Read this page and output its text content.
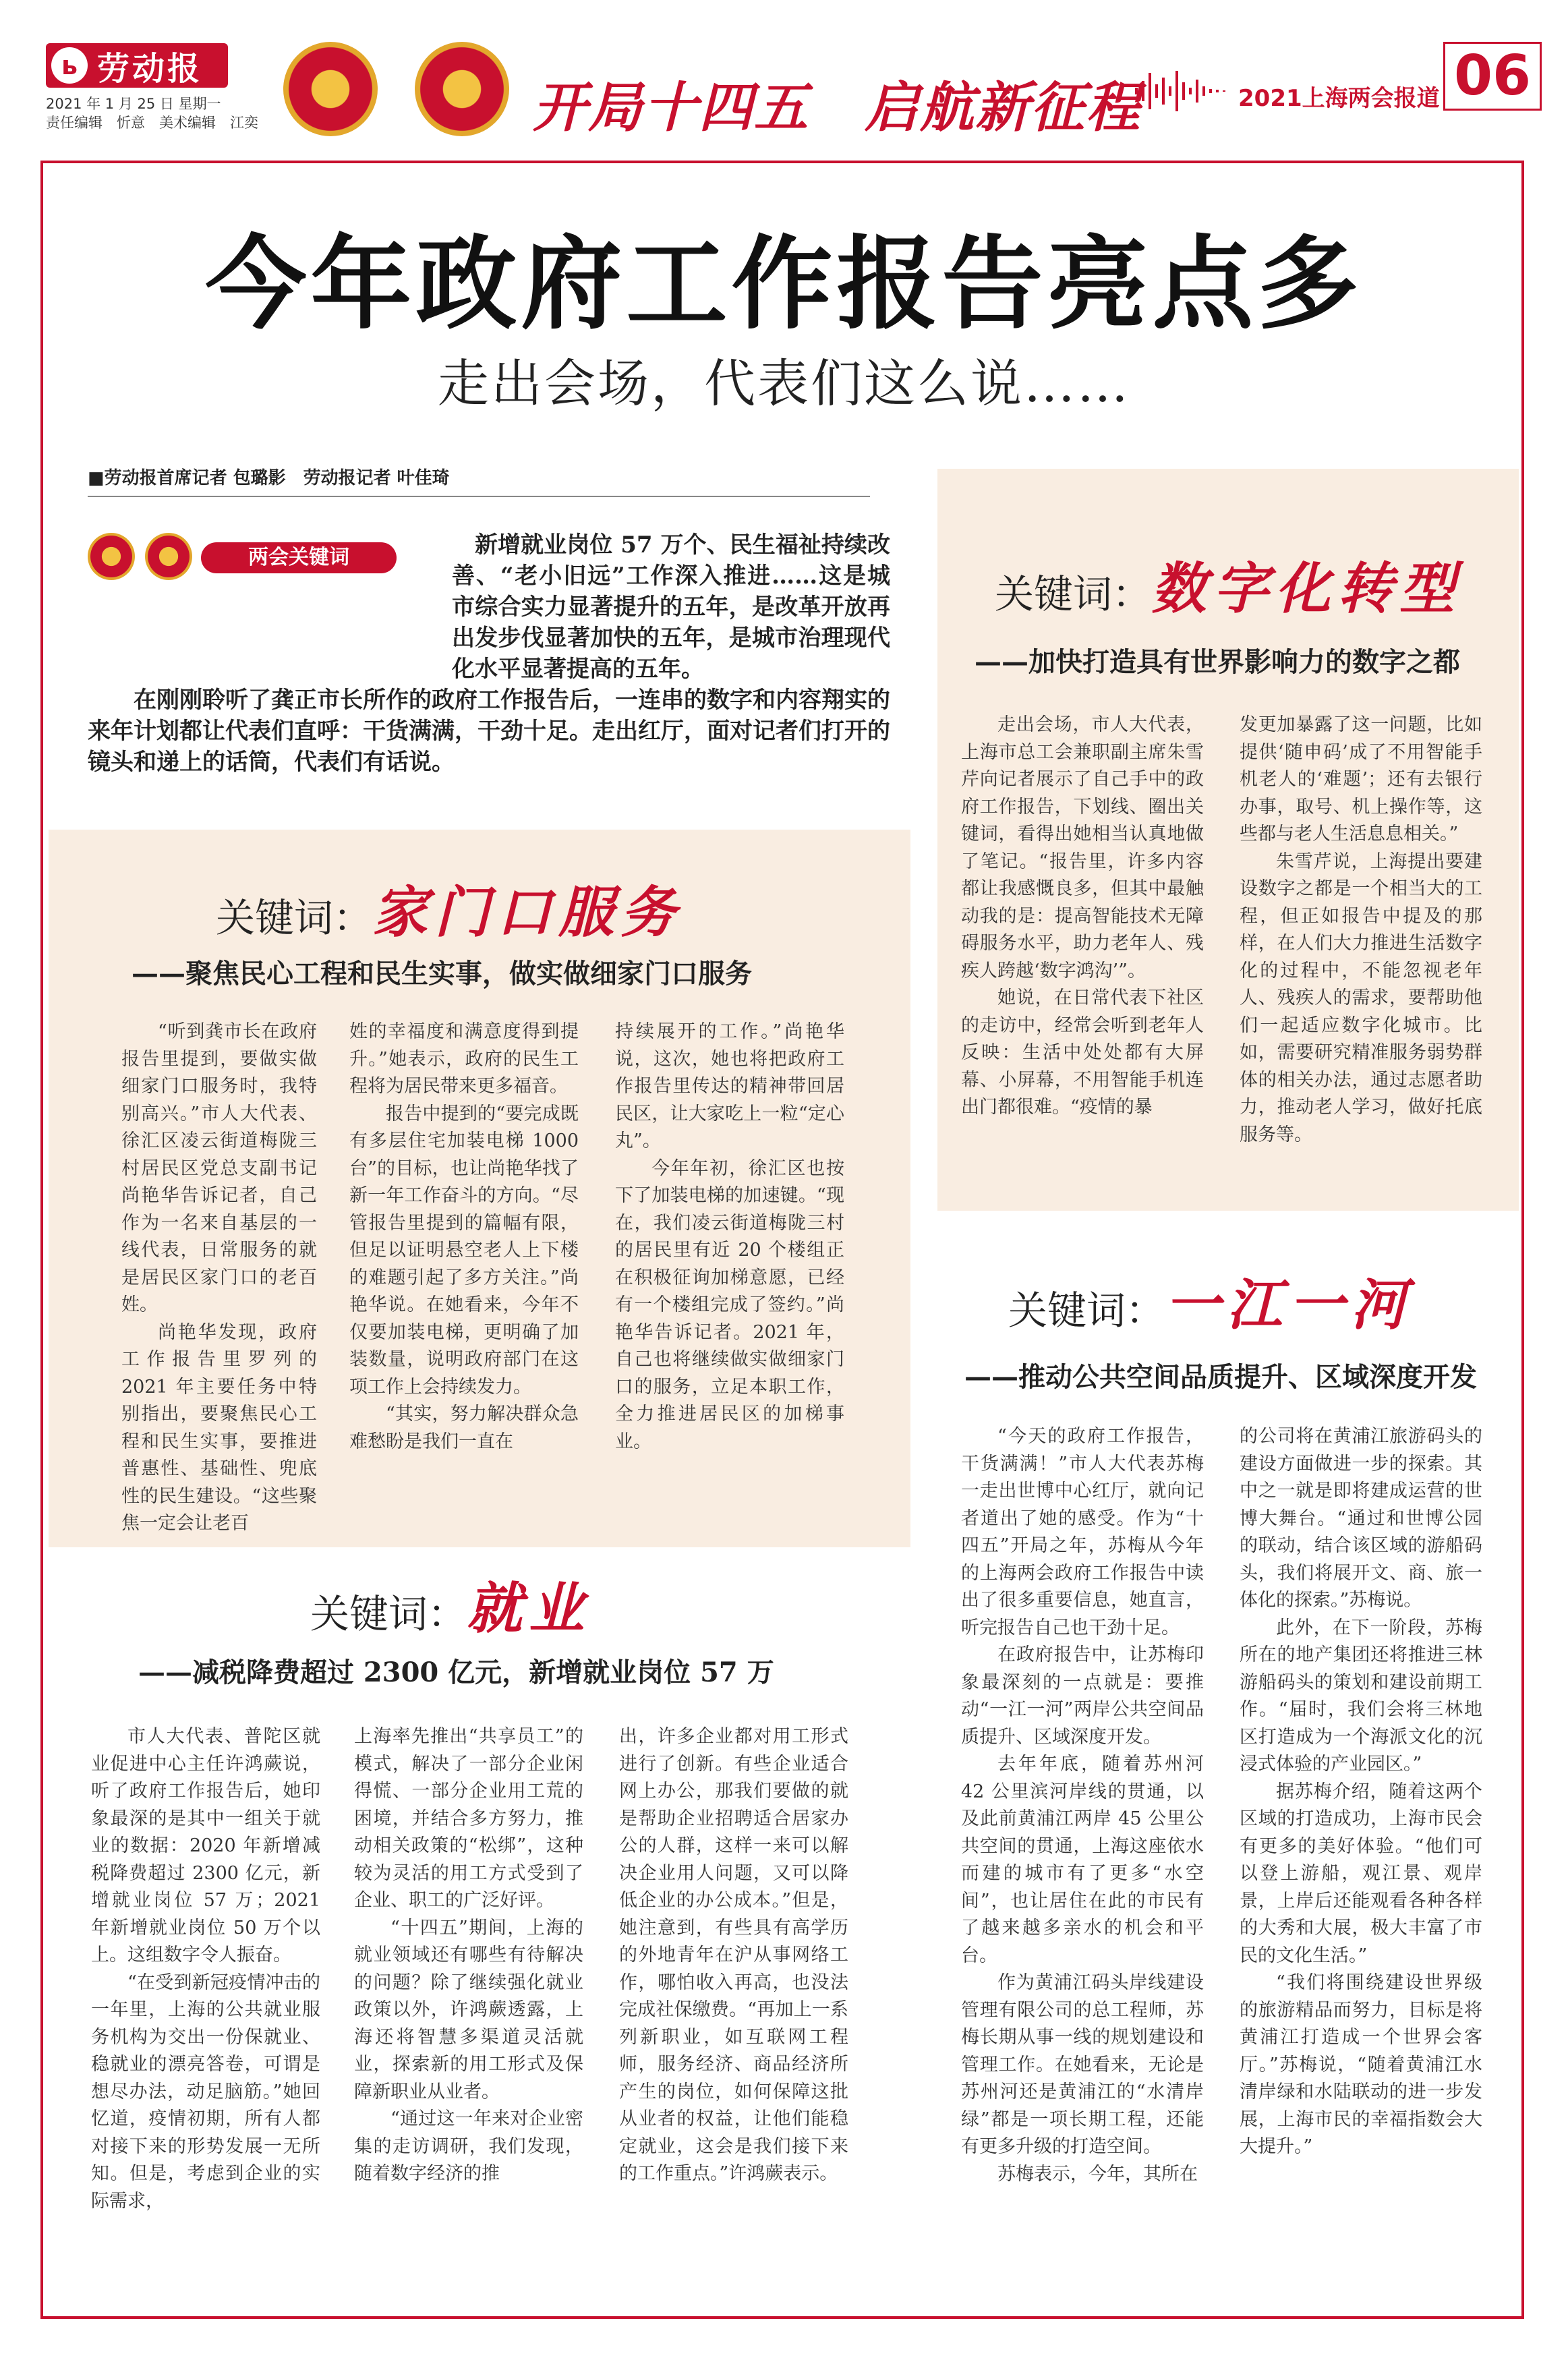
ь 劳动报
2021 年 1 月 25 日 星期一
责任编辑　忻意　美术编辑　江奕	开局十四五　启航新征程	2021上海两会报道 06
今年政府工作报告亮点多
走出会场，代表们这么说……
■劳动报首席记者 包璐影　劳动报记者 叶佳琦
两会关键词	新增就业岗位 57 万个、民生福祉持续改善、“老小旧远”工作深入推进……这是城市综合实力显著提升的五年，是改革开放再出发步伐显著加快的五年，是城市治理现代化水平显著提高的五年。

在刚刚聆听了龚正市长所作的政府工作报告后，一连串的数字和内容翔实的来年计划都让代表们直呼：干货满满，干劲十足。走出红厅，面对记者们打开的镜头和递上的话筒，代表们有话说。

关键词：家门口服务
——聚焦民心工程和民生实事，做实做细家门口服务

“听到龚市长在政府报告里提到，要做实做细家门口服务时，我特别高兴。”市人大代表、徐汇区凌云街道梅陇三村居民区党总支副书记尚艳华告诉记者，自己作为一名来自基层的一线代表，日常服务的就是居民区家门口的老百姓。

尚艳华发现，政府工作报告里罗列的 2021 年主要任务中特别指出，要聚焦民心工程和民生实事，要推进普惠性、基础性、兜底性的民生建设。“这些聚焦一定会让老百

姓的幸福度和满意度得到提升。”她表示，政府的民生工程将为居民带来更多福音。

报告中提到的“要完成既有多层住宅加装电梯 1000 台”的目标，也让尚艳华找了新一年工作奋斗的方向。“尽管报告里提到的篇幅有限，但足以证明悬空老人上下楼的难题引起了多方关注。”尚艳华说。在她看来，今年不仅要加装电梯，更明确了加装数量，说明政府部门在这项工作上会持续发力。

“其实，努力解决群众急难愁盼是我们一直在

持续展开的工作。”尚艳华说，这次，她也将把政府工作报告里传达的精神带回居民区，让大家吃上一粒“定心丸”。

今年年初，徐汇区也按下了加装电梯的加速键。“现在，我们凌云街道梅陇三村的居民里有近 20 个楼组正在积极征询加梯意愿，已经有一个楼组完成了签约。”尚艳华告诉记者。2021 年，自己也将继续做实做细家门口的服务，立足本职工作，全力推进居民区的加梯事业。

关键词：就业
——减税降费超过 2300 亿元，新增就业岗位 57 万

市人大代表、普陀区就业促进中心主任许鸿蕨说，听了政府工作报告后，她印象最深的是其中一组关于就业的数据：2020 年新增减税降费超过 2300 亿元，新增就业岗位 57 万；2021 年新增就业岗位 50 万个以上。这组数字令人振奋。

“在受到新冠疫情冲击的一年里，上海的公共就业服务机构为交出一份保就业、稳就业的漂亮答卷，可谓是想尽办法，动足脑筋。”她回忆道，疫情初期，所有人都对接下来的形势发展一无所知。但是，考虑到企业的实际需求，

上海率先推出“共享员工”的模式，解决了一部分企业闲得慌、一部分企业用工荒的困境，并结合多方努力，推动相关政策的“松绑”，这种较为灵活的用工方式受到了企业、职工的广泛好评。

“十四五”期间，上海的就业领域还有哪些有待解决的问题？除了继续强化就业政策以外，许鸿蕨透露，上海还将智慧多渠道灵活就业，探索新的用工形式及保障新职业从业者。

“通过这一年来对企业密集的走访调研，我们发现，随着数字经济的推

出，许多企业都对用工形式进行了创新。有些企业适合网上办公，那我们要做的就是帮助企业招聘适合居家办公的人群，这样一来可以解决企业用人问题，又可以降低企业的办公成本。”但是，她注意到，有些具有高学历的外地青年在沪从事网络工作，哪怕收入再高，也没法完成社保缴费。“再加上一系列新职业，如互联网工程师，服务经济、商品经济所产生的岗位，如何保障这批从业者的权益，让他们能稳定就业，这会是我们接下来的工作重点。”许鸿蕨表示。

关键词：数字化转型
——加快打造具有世界影响力的数字之都

走出会场，市人大代表，上海市总工会兼职副主席朱雪芹向记者展示了自己手中的政府工作报告，下划线、圈出关键词，看得出她相当认真地做了笔记。“报告里，许多内容都让我感慨良多，但其中最触动我的是：提高智能技术无障碍服务水平，助力老年人、残疾人跨越‘数字鸿沟’”。

她说，在日常代表下社区的走访中，经常会听到老年人反映：生活中处处都有大屏幕、小屏幕，不用智能手机连出门都很难。“疫情的暴

发更加暴露了这一问题，比如提供‘随申码’成了不用智能手机老人的‘难题’；还有去银行办事，取号、机上操作等，这些都与老人生活息息相关。”

朱雪芹说，上海提出要建设数字之都是一个相当大的工程，但正如报告中提及的那样，在人们大力推进生活数字化的过程中，不能忽视老年人、残疾人的需求，要帮助他们一起适应数字化城市。比如，需要研究精准服务弱势群体的相关办法，通过志愿者助力，推动老人学习，做好托底服务等。

关键词：一江一河
——推动公共空间品质提升、区域深度开发

“今天的政府工作报告，干货满满！”市人大代表苏梅一走出世博中心红厅，就向记者道出了她的感受。作为“十四五”开局之年，苏梅从今年的上海两会政府工作报告中读出了很多重要信息，她直言，听完报告自己也干劲十足。

在政府报告中，让苏梅印象最深刻的一点就是：要推动“一江一河”两岸公共空间品质提升、区域深度开发。

去年年底，随着苏州河 42 公里滨河岸线的贯通，以及此前黄浦江两岸 45 公里公共空间的贯通，上海这座依水而建的城市有了更多“水空间”，也让居住在此的市民有了越来越多亲水的机会和平台。

作为黄浦江码头岸线建设管理有限公司的总工程师，苏梅长期从事一线的规划建设和管理工作。在她看来，无论是苏州河还是黄浦江的“水清岸绿”都是一项长期工程，还能有更多升级的打造空间。

苏梅表示，今年，其所在

的公司将在黄浦江旅游码头的建设方面做进一步的探索。其中之一就是即将建成运营的世博大舞台。“通过和世博公园的联动，结合该区域的游船码头，我们将展开文、商、旅一体化的探索。”苏梅说。

此外，在下一阶段，苏梅所在的地产集团还将推进三林游船码头的策划和建设前期工作。“届时，我们会将三林地区打造成为一个海派文化的沉浸式体验的产业园区。”

据苏梅介绍，随着这两个区域的打造成功，上海市民会有更多的美好体验。“他们可以登上游船，观江景、观岸景，上岸后还能观看各种各样的大秀和大展，极大丰富了市民的文化生活。”

“我们将围绕建设世界级的旅游精品而努力，目标是将黄浦江打造成一个世界会客厅。”苏梅说，“随着黄浦江水清岸绿和水陆联动的进一步发展，上海市民的幸福指数会大大提升。”
